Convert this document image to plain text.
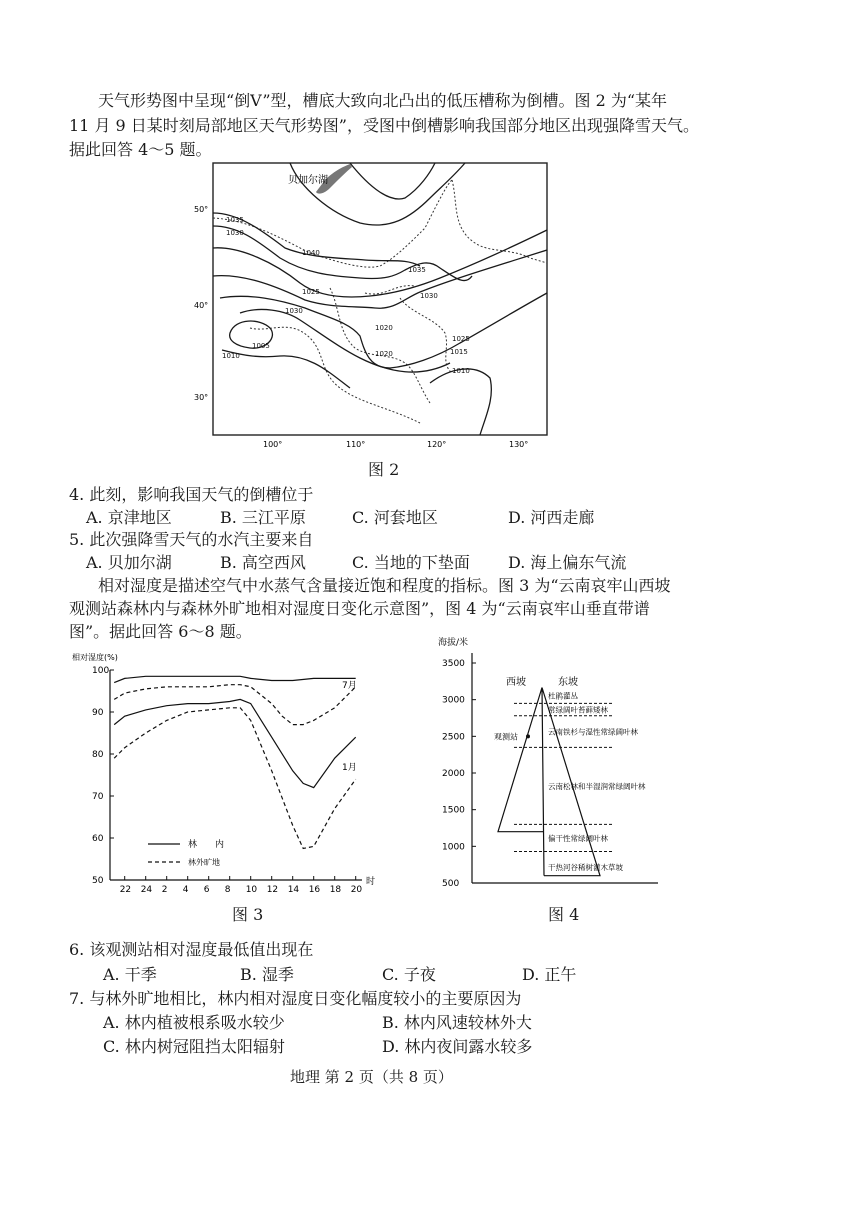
天气形势图中呈现“倒V”型，槽底大致向北凸出的低压槽称为倒槽。图 2 为“某年
11 月 9 日某时刻局部地区天气形势图”，受图中倒槽影响我国部分地区出现强降雪天气。
据此回答 4～5 题。
贝加尔湖
50°
40°
30°
100°	110°	120°	130°
1035
1030
1040
1035
1025
1030
1030
1020
1005
1010
1025
1020	1015
1010
图 2
4. 此刻，影响我国天气的倒槽位于
A. 京津地区	B. 三江平原	C. 河套地区	D. 河西走廊
5. 此次强降雪天气的水汽主要来自
A. 贝加尔湖	B. 高空西风	C. 当地的下垫面 D. 海上偏东气流
相对湿度是描述空气中水蒸气含量接近饱和程度的指标。图 3 为“云南哀牢山西坡
观测站森林内与森林外旷地相对湿度日变化示意图”，图 4 为“云南哀牢山垂直带谱
图”。据此回答 6～8 题。
相对湿度(%)
100
90
80
70
60
50
22 24 2 4 6 8 10 12 14 16 18 20
7月
1月
时
林　　内
林外旷地
图 3
海拔/米
3500
3000
2500
2000
1500
1000
500
西坡	东坡
杜鹃灌丛
常绿阔叶苔藓矮林
云南铁杉与湿性常绿阔叶林
云南松林和半湿润常绿阔叶林
偏干性常绿阔叶林
干热河谷稀树灌木草坡
观测站
图 4
6. 该观测站相对湿度最低值出现在
A. 干季	B. 湿季	C. 子夜	D. 正午
7. 与林外旷地相比，林内相对湿度日变化幅度较小的主要原因为
A. 林内植被根系吸水较少	B. 林内风速较林外大
C. 林内树冠阻挡太阳辐射	D. 林内夜间露水较多
地理 第 2 页（共 8 页）
